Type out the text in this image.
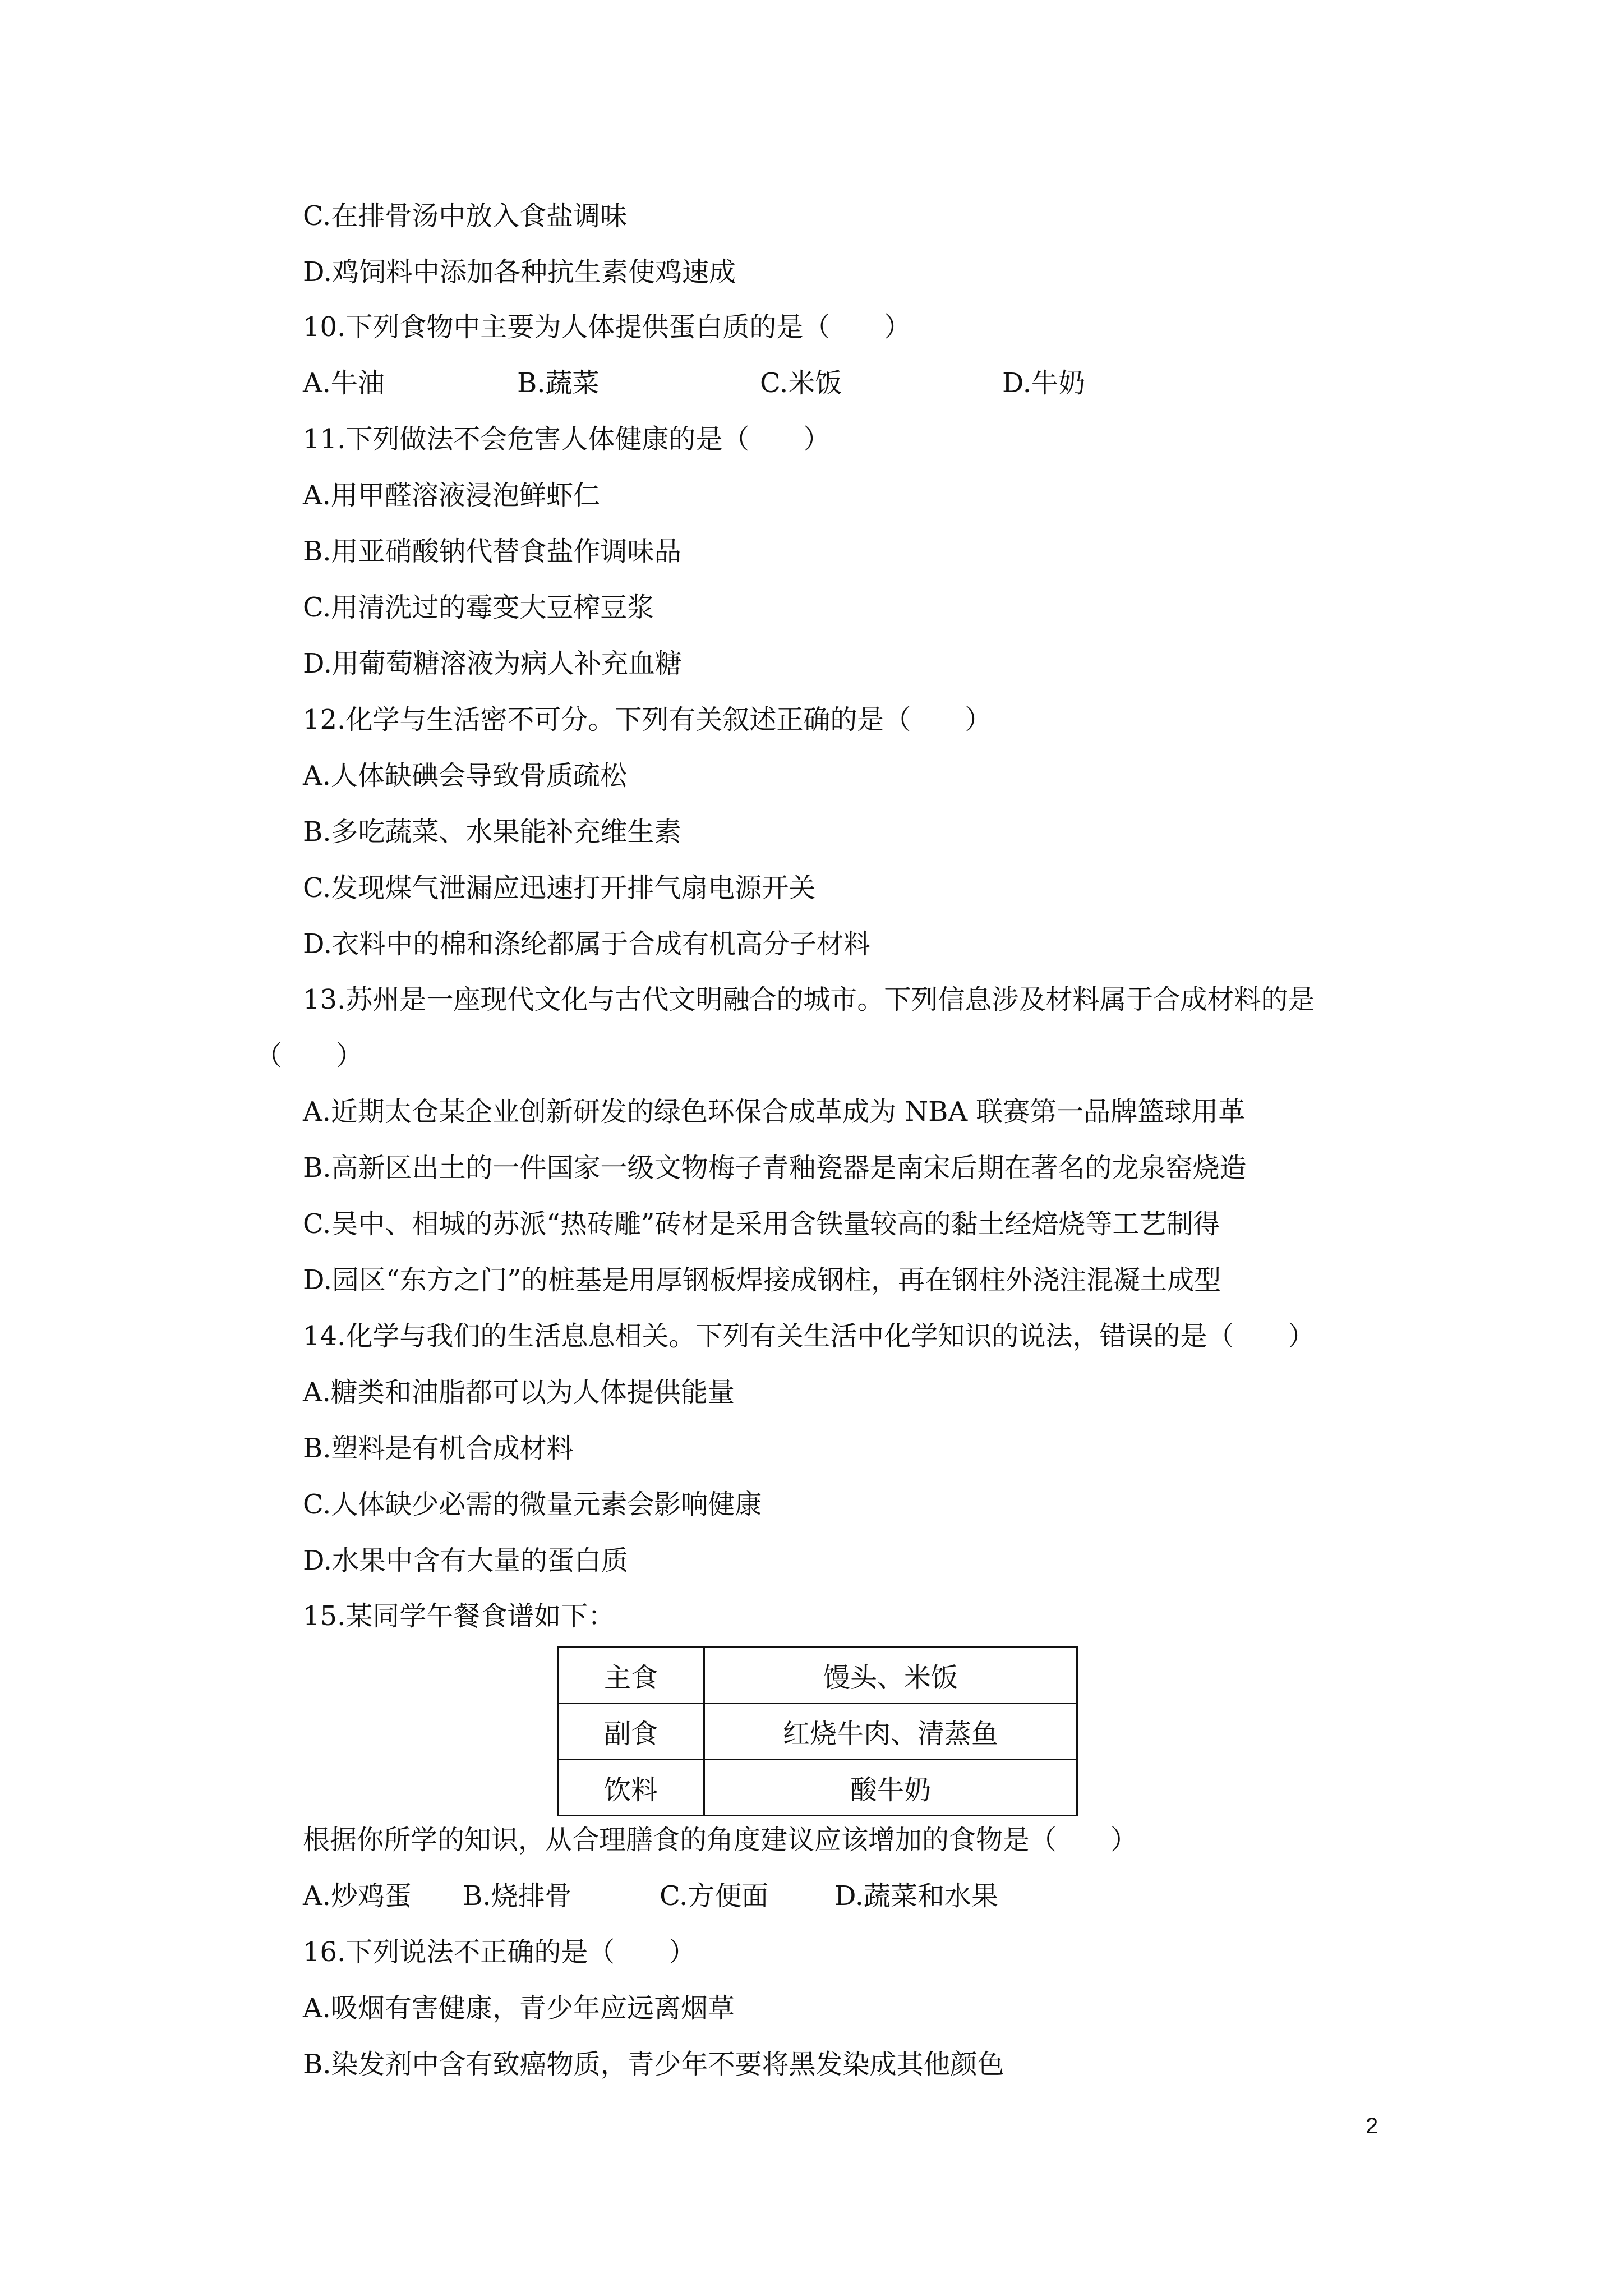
C.在排骨汤中放入食盐调味
D.鸡饲料中添加各种抗生素使鸡速成
10.下列食物中主要为人体提供蛋白质的是（　　）
A.牛油	B.蔬菜	C.米饭	D.牛奶
11.下列做法不会危害人体健康的是（　　）
A.用甲醛溶液浸泡鲜虾仁
B.用亚硝酸钠代替食盐作调味品
C.用清洗过的霉变大豆榨豆浆
D.用葡萄糖溶液为病人补充血糖
12.化学与生活密不可分。下列有关叙述正确的是（　　）
A.人体缺碘会导致骨质疏松
B.多吃蔬菜、水果能补充维生素
C.发现煤气泄漏应迅速打开排气扇电源开关
D.衣料中的棉和涤纶都属于合成有机高分子材料
13.苏州是一座现代文化与古代文明融合的城市。下列信息涉及材料属于合成材料的是
（　　）
A.近期太仓某企业创新研发的绿色环保合成革成为 NBA 联赛第一品牌篮球用革
B.高新区出土的一件国家一级文物梅子青釉瓷器是南宋后期在著名的龙泉窑烧造
C.吴中、相城的苏派“热砖雕”砖材是采用含铁量较高的黏土经焙烧等工艺制得
D.园区“东方之门”的桩基是用厚钢板焊接成钢柱，再在钢柱外浇注混凝土成型
14.化学与我们的生活息息相关。下列有关生活中化学知识的说法，错误的是（　　）
A.糖类和油脂都可以为人体提供能量
B.塑料是有机合成材料
C.人体缺少必需的微量元素会影响健康
D.水果中含有大量的蛋白质
15.某同学午餐食谱如下：
主食	馒头、米饭
副食	红烧牛肉、清蒸鱼
饮料	酸牛奶
根据你所学的知识，从合理膳食的角度建议应该增加的食物是（　　）
A.炒鸡蛋 B.烧排骨	C.方便面 D.蔬菜和水果
16.下列说法不正确的是（　　）
A.吸烟有害健康，青少年应远离烟草
B.染发剂中含有致癌物质，青少年不要将黑发染成其他颜色
2
